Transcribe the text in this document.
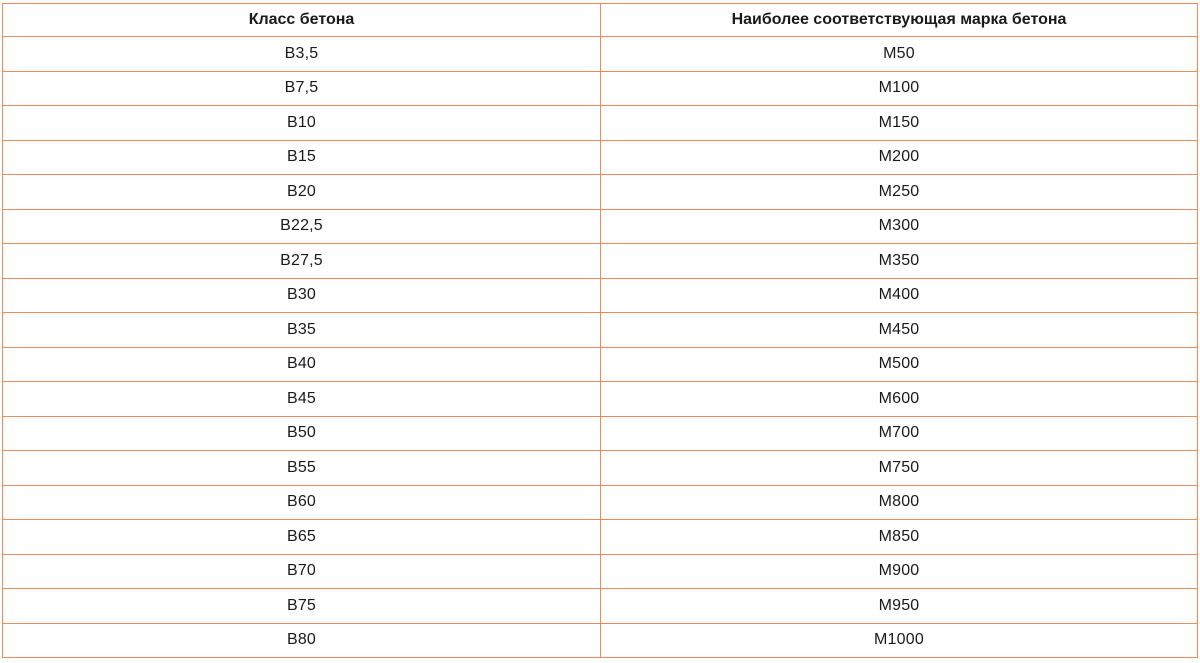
Класс бетона	Наиболее соответствующая марка бетона
B3,5	М50
B7,5	М100
B10	М150
B15	М200
B20	М250
B22,5	М300
B27,5	М350
B30	М400
B35	М450
B40	М500
B45	М600
B50	М700
B55	М750
B60	М800
B65	М850
B70	М900
B75	М950
B80	М1000
